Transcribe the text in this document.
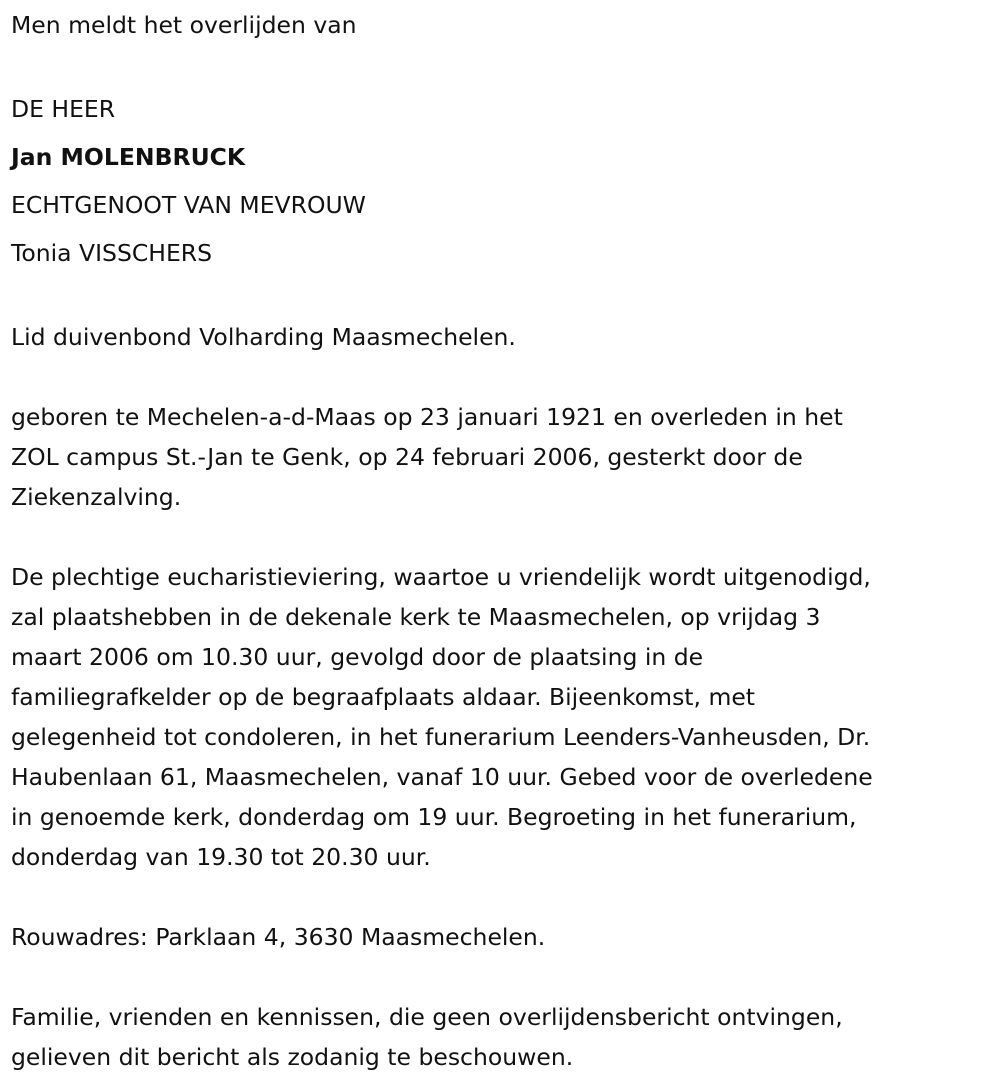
Men meldt het overlijden van
DE HEER
Jan MOLENBRUCK
ECHTGENOOT VAN MEVROUW
Tonia VISSCHERS
Lid duivenbond Volharding Maasmechelen.
geboren te Mechelen-a-d-Maas op 23 januari 1921 en overleden in het
ZOL campus St.-Jan te Genk, op 24 februari 2006, gesterkt door de
Ziekenzalving.
De plechtige eucharistieviering, waartoe u vriendelijk wordt uitgenodigd,
zal plaatshebben in de dekenale kerk te Maasmechelen, op vrijdag 3
maart 2006 om 10.30 uur, gevolgd door de plaatsing in de
familiegrafkelder op de begraafplaats aldaar. Bijeenkomst, met
gelegenheid tot condoleren, in het funerarium Leenders-Vanheusden, Dr.
Haubenlaan 61, Maasmechelen, vanaf 10 uur. Gebed voor de overledene
in genoemde kerk, donderdag om 19 uur. Begroeting in het funerarium,
donderdag van 19.30 tot 20.30 uur.
Rouwadres: Parklaan 4, 3630 Maasmechelen.
Familie, vrienden en kennissen, die geen overlijdensbericht ontvingen,
gelieven dit bericht als zodanig te beschouwen.
